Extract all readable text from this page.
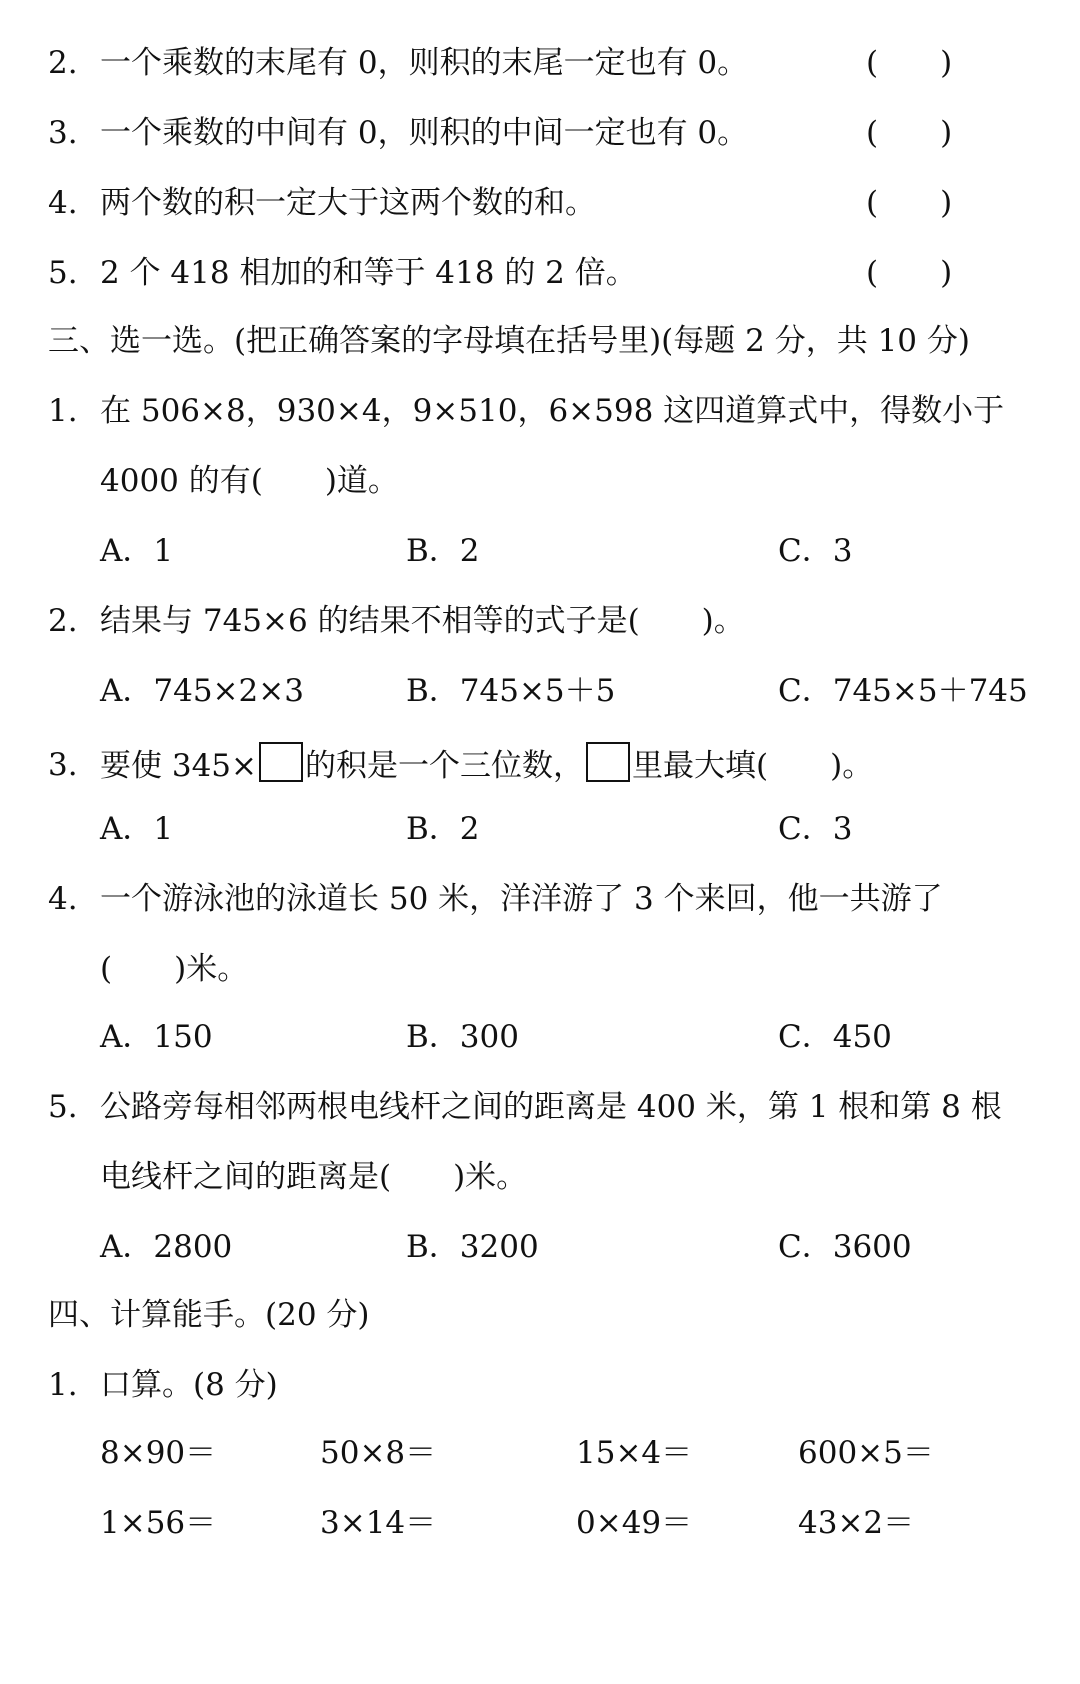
2. 一个乘数的末尾有 0，则积的末尾一定也有 0。	(　　)
3. 一个乘数的中间有 0，则积的中间一定也有 0。	(　　)
4. 两个数的积一定大于这两个数的和。	(　　)
5. 2 个 418 相加的和等于 418 的 2 倍。	(　　)
三、选一选。(把正确答案的字母填在括号里)(每题 2 分，共 10 分)
1. 在 506×8，930×4，9×510，6×598 这四道算式中，得数小于
4000 的有(　　)道。
A．1	B．2	C．3
2. 结果与 745×6 的结果不相等的式子是(　　)。
A．745×2×3	B．745×5＋5	C．745×5＋745
3. 要使 345× 的积是一个三位数， 里最大填(　　)。
A．1	B．2	C．3
4. 一个游泳池的泳道长 50 米，洋洋游了 3 个来回，他一共游了
(　　)米。
A．150	B．300	C．450
5. 公路旁每相邻两根电线杆之间的距离是 400 米，第 1 根和第 8 根
电线杆之间的距离是(　　)米。
A．2800	B．3200	C．3600
四、计算能手。(20 分)
1. 口算。(8 分)
8×90＝	50×8＝	15×4＝	600×5＝
1×56＝	3×14＝	0×49＝	43×2＝
